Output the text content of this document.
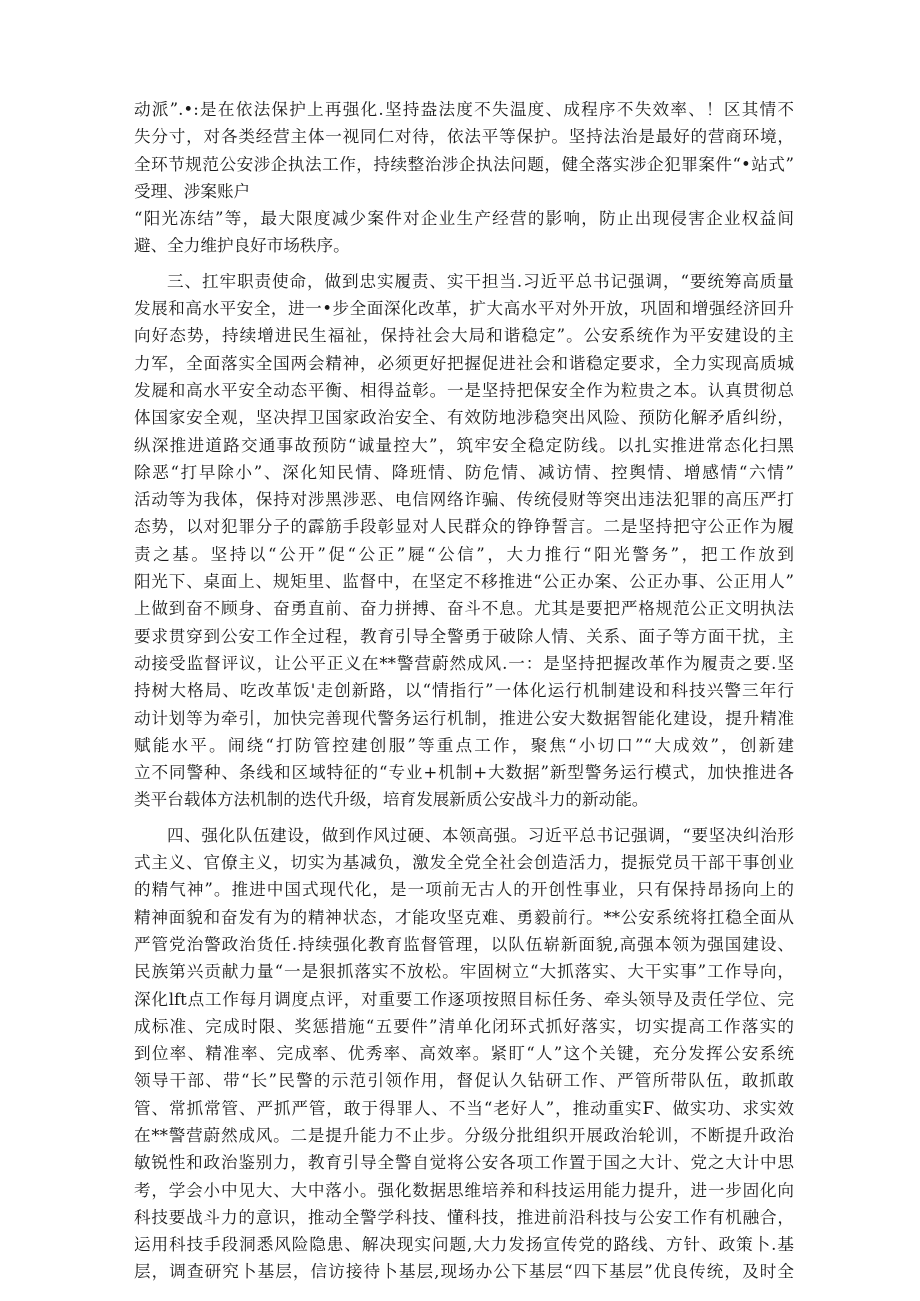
动派”.•:是在依法保护上再强化.坚持盎法度不失温度、成程序不失效率、！区其情不
失分寸，对各类经营主体一视同仁对待，依法平等保护。坚持法治是最好的营商环境，
全环节规范公安涉企执法工作，持续整治涉企执法问题，健全落实涉企犯罪案件“•站式”
受理、涉案账户
“阳光冻结”等，最大限度减少案件对企业生产经营的影响，防止出现侵害企业权益间
避、全力维护良好市场秩序。
三、扛牢职责使命，做到忠实履责、实干担当.习近平总书记强调，“要统筹高质量
发展和高水平安全，进一•步全面深化改革，扩大高水平对外开放，巩固和增强经济回升
向好态势，持续增进民生福祉，保持社会大局和谐稳定”。公安系统作为平安建设的主
力军，全面落实全国两会精神，必须更好把握促进社会和谐稳定要求，全力实现高质城
发屣和高水平安全动态平衡、相得益彰。一是坚持把保安全作为粒贵之本。认真贯彻总
体国家安全观，坚决捍卫国家政治安全、有效防地涉稳突出风险、预防化解矛盾纠纷，
纵深推进道路交通事故预防“诚量控大”，筑牢安全稳定防线。以扎实推进常态化扫黑
除恶“打早除小”、深化知民情、降班情、防危情、减访情、控舆情、增感情“六情”
活动等为我体，保持对涉黑涉恶、电信网络诈骗、传统侵财等突出违法犯罪的高压严打
态势，以对犯罪分子的霹筋手段彰显对人民群众的铮铮誓言。二是坚持把守公正作为履
责之基。坚持以“公开”促“公正”屣“公信”，大力推行“阳光警务”，把工作放到
阳光下、桌面上、规矩里、监督中，在坚定不移推进“公正办案、公正办事、公正用人”
上做到奋不顾身、奋勇直前、奋力拼搏、奋斗不息。尤其是要把严格规范公正文明执法
要求贯穿到公安工作全过程，教育引导全警勇于破除人情、关系、面子等方面干扰，主
动接受监督评议，让公平正义在**警营蔚然成风.一：是坚持把握改革作为履责之要.坚
持树大格局、吃改革饭'走创新路，以“情指行”一体化运行机制建设和科技兴警三年行
动计划等为牵引，加快完善现代警务运行机制，推进公安大数据智能化建设，提升精准
赋能水平。闹绕“打防管控建创服”等重点工作，聚焦“小切口”“大成效”，创新建
立不同警种、条线和区域特征的“专业+机制+大数据”新型警务运行模式，加快推进各
类平台载体方法机制的迭代升级，培育发展新质公安战斗力的新动能。
四、强化队伍建设，做到作风过硬、本领高强。习近平总书记强调，“要坚决纠治形
式主义、官僚主义，切实为基减负，激发全党全社会创造活力，提振党员干部干事创业
的精气神”。推进中国式现代化，是一项前无古人的开创性事业，只有保持昂扬向上的
精神面貌和奋发有为的精神状态，才能攻坚克难、勇毅前行。**公安系统将扛稳全面从
严管党治警政治货任.持续强化教育监督管理，以队伍崭新面貌,高强本领为强国建设、
民族第兴贡献力量“一是狠抓落实不放松。牢固树立“大抓落实、大干实事”工作导向，
深化lft点工作每月调度点评，对重要工作逐项按照目标任务、牵头领导及责任学位、完
成标准、完成时限、奖惩措施“五要件”清单化闭环式抓好落实，切实提高工作落实的
到位率、精准率、完成率、优秀率、高效率。紧盯“人”这个关键，充分发挥公安系统
领导干部、带“长”民警的示范引领作用，督促认久钻研工作、严管所带队伍，敢抓敢
管、常抓常管、严抓严管，敢于得罪人、不当“老好人”，推动重实F、做实功、求实效
在**警营蔚然成风。二是提升能力不止步。分级分批组织开展政治轮训，不断提升政治
敏锐性和政治鉴别力，教育引导全警自觉将公安各项工作置于国之大计、党之大计中思
考，学会小中见大、大中落小。强化数据思维培养和科技运用能力提升，进一步固化向
科技要战斗力的意识，推动全警学科技、懂科技，推进前沿科技与公安工作有机融合，
运用科技手段洞悉风险隐患、解决现实问题,大力发扬宣传党的路线、方针、政策卜.基
层，调查研究卜基层，信访接待卜基层,现场办公下基层“四下基层”优良传统，及时全
